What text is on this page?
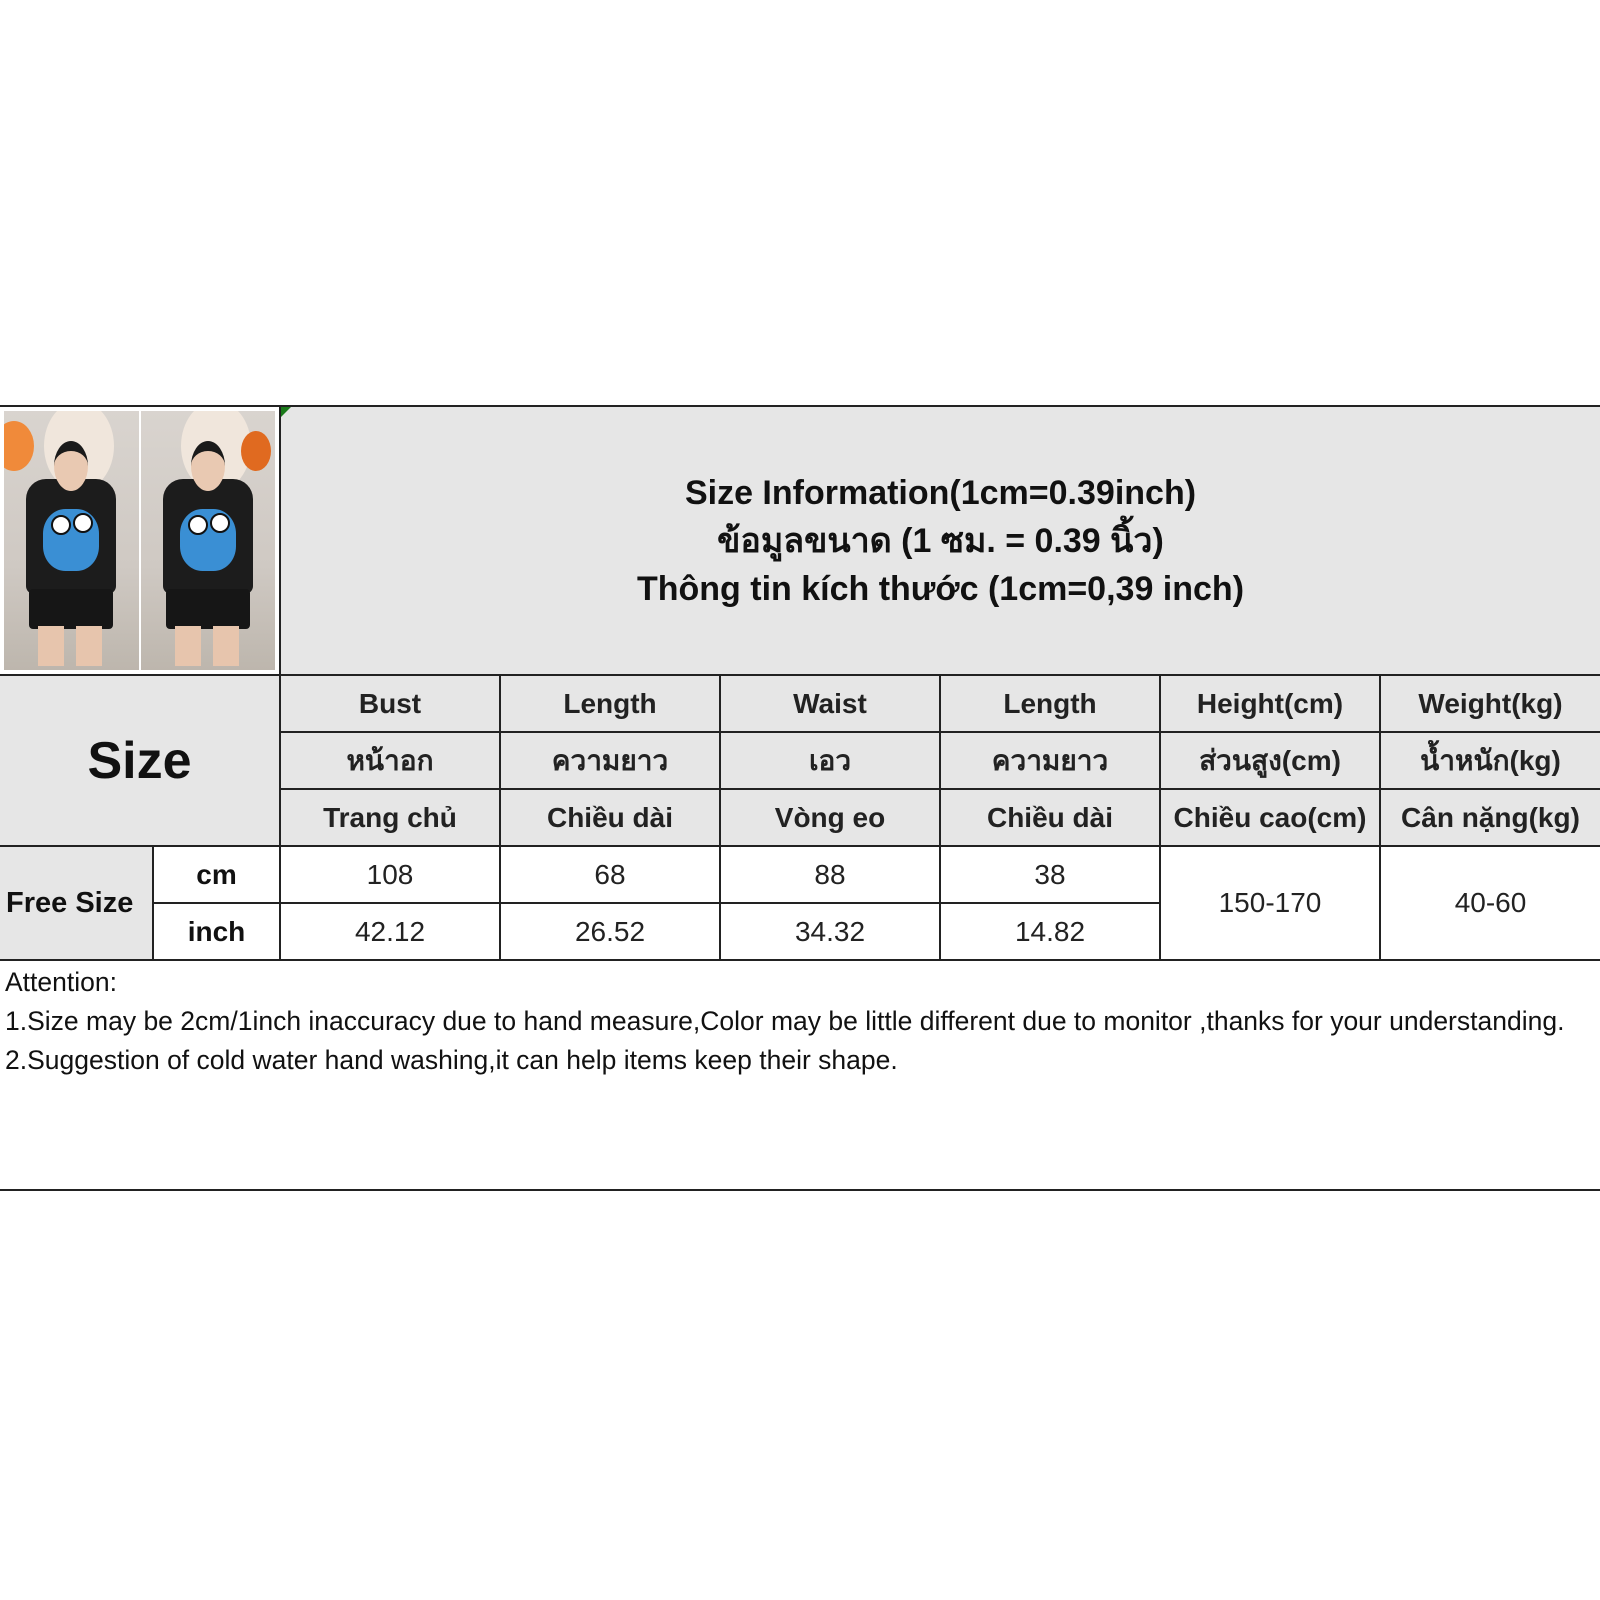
		Size Information(1cm=0.39inch)
ข้อมูลขนาด (1 ซม. = 0.39 นิ้ว)
Thông tin kích thước (1cm=0,39 inch)					

Size		Bust	Length	Waist	Length	Height(cm)	Weight(kg)
		หน้าอก	ความยาว	เอว	ความยาว	ส่วนสูง(cm)	น้ำหนัก(kg)
		Trang chủ	Chiều dài	Vòng eo	Chiều dài	Chiều cao(cm)	Cân nặng(kg)
Free Size	cm	108	68	88	38	150-170	40-60
	inch	42.12	26.52	34.32	14.82		
Attention:
1.Size may be 2cm/1inch inaccuracy due to hand measure,Color may be little different due to monitor ,thanks for your understanding.
2.Suggestion of cold water hand washing,it can help items keep their shape.
